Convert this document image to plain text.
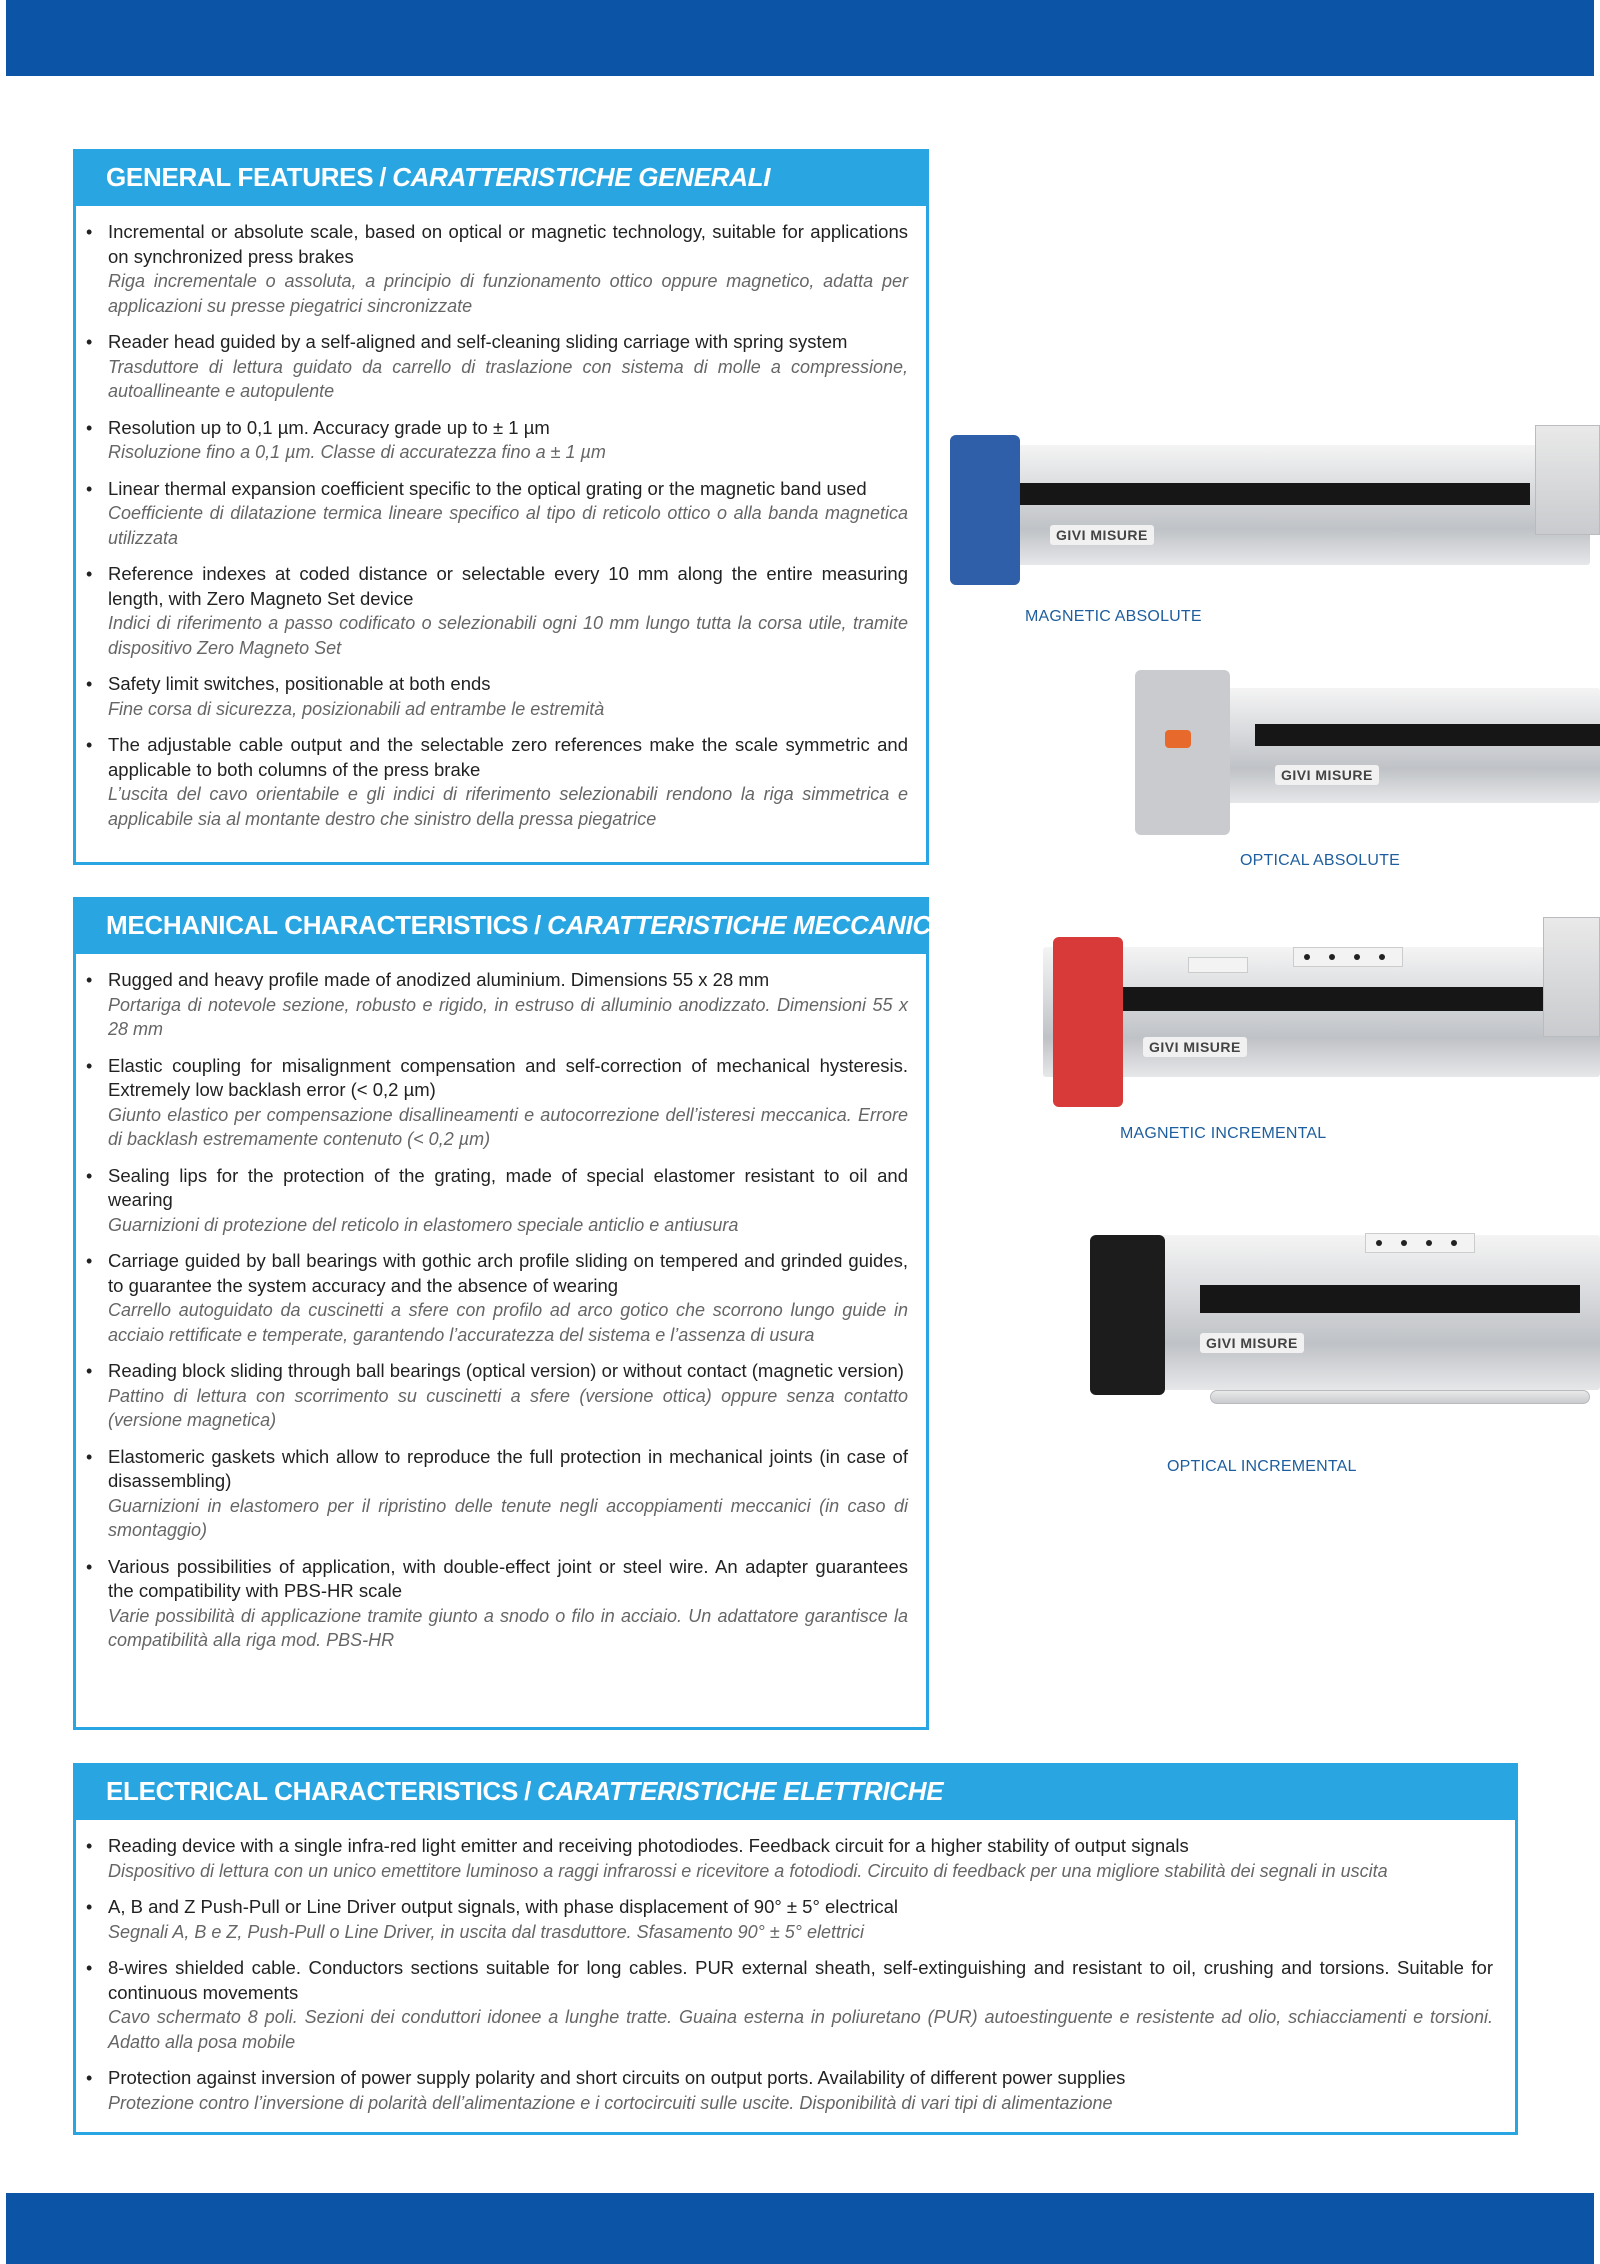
GENERAL FEATURES / CARATTERISTICHE GENERALI
• Incremental or absolute scale, based on optical or magnetic technology, suitable for applications on synchronized press brakes
Riga incrementale o assoluta, a principio di funzionamento ottico oppure magnetico, adatta per applicazioni su presse piegatrici sincronizzate
• Reader head guided by a self-aligned and self-cleaning sliding carriage with spring system
Trasduttore di lettura guidato da carrello di traslazione con sistema di molle a compressione, autoallineante e autopulente
• Resolution up to 0,1 µm. Accuracy grade up to ± 1 µm
Risoluzione fino a 0,1 µm. Classe di accuratezza fino a ± 1 µm
• Linear thermal expansion coefficient specific to the optical grating or the magnetic band used
Coefficiente di dilatazione termica lineare specifico al tipo di reticolo ottico o alla banda magnetica utilizzata
• Reference indexes at coded distance or selectable every 10 mm along the entire measuring length, with Zero Magneto Set device
Indici di riferimento a passo codificato o selezionabili ogni 10 mm lungo tutta la corsa utile, tramite dispositivo Zero Magneto Set
• Safety limit switches, positionable at both ends
Fine corsa di sicurezza, posizionabili ad entrambe le estremità
• The adjustable cable output and the selectable zero references make the scale symmetric and applicable to both columns of the press brake
L’uscita del cavo orientabile e gli indici di riferimento selezionabili rendono la riga simmetrica e applicabile sia al montante destro che sinistro della pressa piegatrice
MECHANICAL CHARACTERISTICS / CARATTERISTICHE MECCANICHE
• Rugged and heavy profile made of anodized aluminium. Dimensions 55 x 28 mm
Portariga di notevole sezione, robusto e rigido, in estruso di alluminio anodizzato. Dimensioni 55 x 28 mm
• Elastic coupling for misalignment compensation and self-correction of mechanical hysteresis. Extremely low backlash error (< 0,2 µm)
Giunto elastico per compensazione disallineamenti e autocorrezione dell’isteresi meccanica. Errore di backlash estremamente contenuto (< 0,2 µm)
• Sealing lips for the protection of the grating, made of special elastomer resistant to oil and wearing
Guarnizioni di protezione del reticolo in elastomero speciale anticlio e antiusura
• Carriage guided by ball bearings with gothic arch profile sliding on tempered and grinded guides, to guarantee the system accuracy and the absence of wearing
Carrello autoguidato da cuscinetti a sfere con profilo ad arco gotico che scorrono lungo guide in acciaio rettificate e temperate, garantendo l’accuratezza del sistema e l’assenza di usura
• Reading block sliding through ball bearings (optical version) or without contact (magnetic version)
Pattino di lettura con scorrimento su cuscinetti a sfere (versione ottica) oppure senza contatto (versione magnetica)
• Elastomeric gaskets which allow to reproduce the full protection in mechanical joints (in case of disassembling)
Guarnizioni in elastomero per il ripristino delle tenute negli accoppiamenti meccanici (in caso di smontaggio)
• Various possibilities of application, with double-effect joint or steel wire. An adapter guarantees the compatibility with PBS-HR scale
Varie possibilità di applicazione tramite giunto a snodo o filo in acciaio. Un adattatore garantisce la compatibilità alla riga mod. PBS-HR
ELECTRICAL CHARACTERISTICS / CARATTERISTICHE ELETTRICHE
• Reading device with a single infra-red light emitter and receiving photodiodes. Feedback circuit for a higher stability of output signals
Dispositivo di lettura con un unico emettitore luminoso a raggi infrarossi e ricevitore a fotodiodi. Circuito di feedback per una migliore stabilità dei segnali in uscita
• A, B and Z Push-Pull or Line Driver output signals, with phase displacement of 90° ± 5° electrical
Segnali A, B e Z, Push-Pull o Line Driver, in uscita dal trasduttore. Sfasamento 90° ± 5° elettrici
• 8-wires shielded cable. Conductors sections suitable for long cables. PUR external sheath, self-extinguishing and resistant to oil, crushing and torsions. Suitable for continuous movements
Cavo schermato 8 poli. Sezioni dei conduttori idonee a lunghe tratte. Guaina esterna in poliuretano (PUR) autoestinguente e resistente ad olio, schiacciamenti e torsioni. Adatto alla posa mobile
• Protection against inversion of power supply polarity and short circuits on output ports. Availability of different power supplies
Protezione contro l’inversione di polarità dell’alimentazione e i cortocircuiti sulle uscite. Disponibilità di vari tipi di alimentazione
GIVI MISURE
MAGNETIC ABSOLUTE
GIVI MISURE
OPTICAL ABSOLUTE
GIVI MISURE
MAGNETIC INCREMENTAL
GIVI MISURE
OPTICAL INCREMENTAL
